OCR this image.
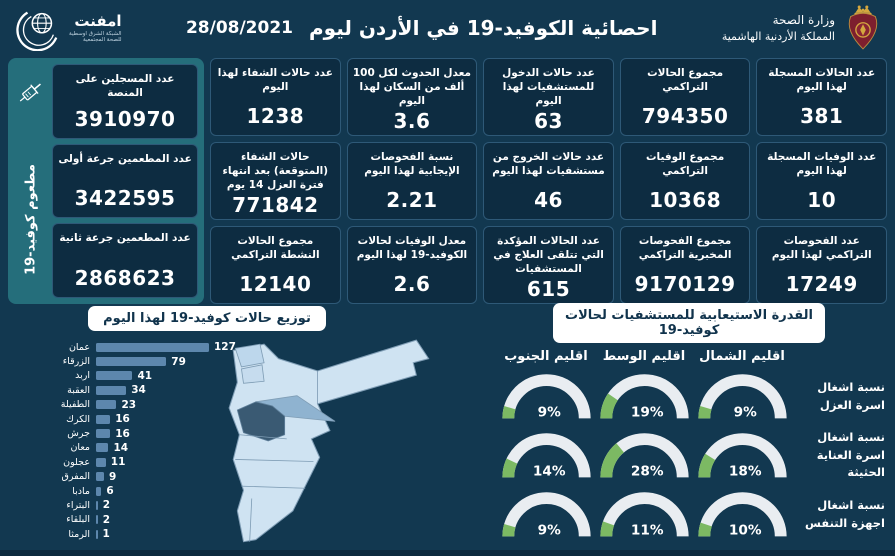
وزارة الصحة
المملكة الأردنية الهاشمية
احصائية الكوفيد-19 في الأردن ليوم
28/08/2021
امفنت
الشبكة الشرق اوسطية
للصحة المجتمعية
عدد الحالات المسجلة لهذا اليوم
381
عدد الوفيات المسجلة لهذا اليوم
10
عدد الفحوصات التراكمي لهذا اليوم
17249
مجموع الحالات التراكمي
794350
مجموع الوفيات التراكمي
10368
مجموع الفحوصات المخبرية التراكمي
9170129
عدد حالات الدخول للمستشفيات لهذا اليوم
63
عدد حالات الخروج من مستشفيات لهذا اليوم
46
عدد الحالات المؤكدة التي تتلقى العلاج في المستشفيات
615
معدل الحدوث لكل 100 ألف من السكان لهذا اليوم
3.6
نسبة الفحوصات الإيجابية لهذا اليوم
2.21
معدل الوفيات لحالات الكوفيد-19 لهذا اليوم
2.6
عدد حالات الشفاء لهذا اليوم
1238
حالات الشفاء (المتوقعة) بعد انتهاء فترة العزل 14 يوم
771842
مجموع الحالات النشطة التراكمي
12140
عدد المسجلين على المنصة
3910970
عدد المطعمين جرعة أولى
3422595
عدد المطعمين جرعة ثانية
2868623
مطعوم كوفيد-19
توزيع حالات كوفيد-19 لهذا اليوم
عمان	127
الزرقاء	79
اربد	41
العقبة	34
الطفيلة	23
الكرك 16
جرش 16
معان 14
عجلون 11
المفرق 9
مادبا 6
البتراء 2
البلقاء 2
الرمثا 1
القدرة الاستيعابية للمستشفيات لحالات كوفيد-19
اقليم الشمال
اقليم الوسط
اقليم الجنوب
نسبة اشغال اسرة العزل
9%
19%
9%
نسبة اشغال اسرة العناية الحثيثة
18%
28%
14%
نسبة اشغال اجهزة التنفس
10%
11%
9%
